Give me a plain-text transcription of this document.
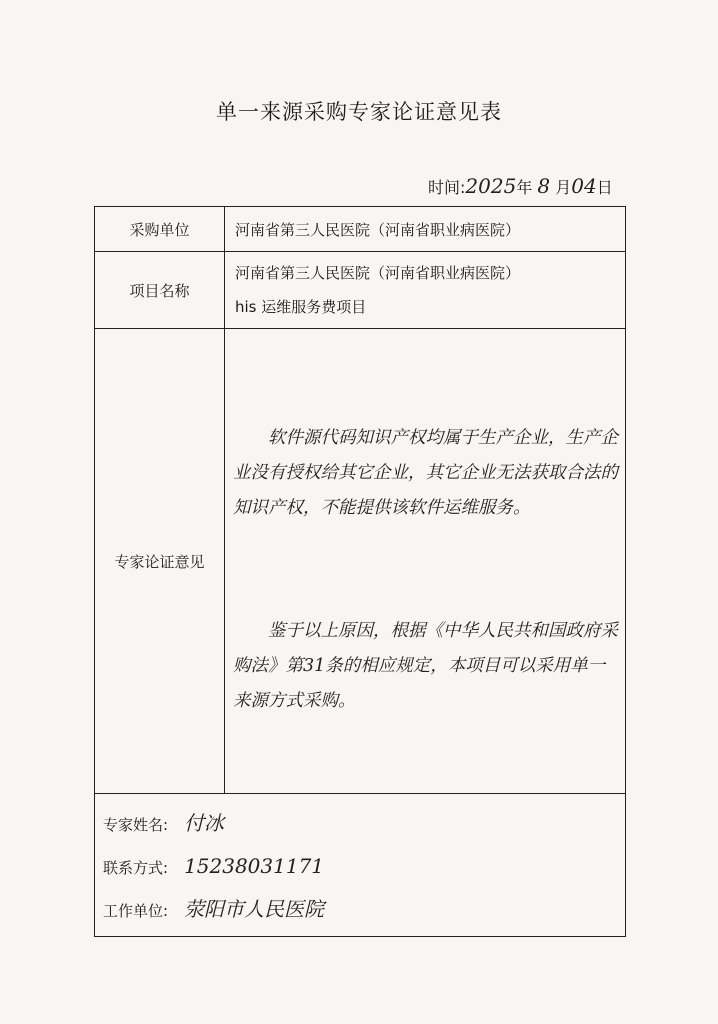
单一来源采购专家论证意见表
时间:2025年 8 月04日
采购单位	河南省第三人民医院（河南省职业病医院）
项目名称	河南省第三人民医院（河南省职业病医院）
his 运维服务费项目

专家论证意见	软件源代码知识产权均属于生产企业，生产企业没有授权给其它企业，其它企业无法获取合法的知识产权，不能提供该软件运维服务。

鉴于以上原因，根据《中华人民共和国政府采购法》第31条的相应规定，本项目可以采用单一来源方式采购。

专家姓名: 付冰
联系方式: 15238031171
工作单位: 荥阳市人民医院	
